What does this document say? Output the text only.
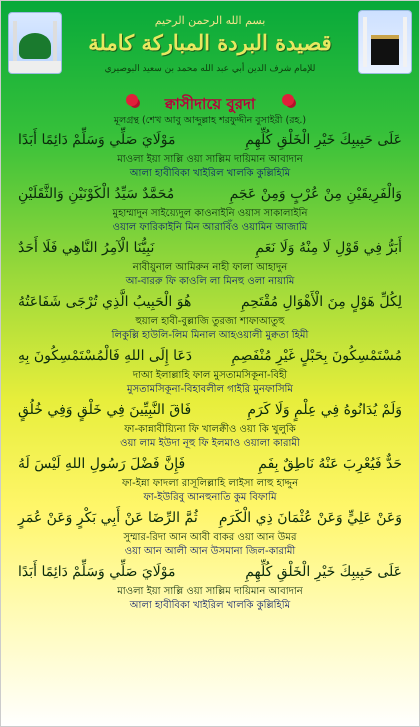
بسم الله الرحمن الرحيم
قصيدة البردة المباركة كاملة
للإمام شرف الدين أبي عبد الله محمد بن سعيد البوصيري
ক্বাসীদায়ে বুরদা
মূলগ্রন্থ (শেখ আবু আব্দুল্লাহ শরফুদ্দীন বুসাইরী (রহ.)
مَوْلَايَ صَلِّي وَسَلِّمْ دَائِمًا أَبَدًا	عَلَى حَبِيبِكَ خَيْرِ الْخَلْقِ كُلِّهِمِ
মাওলা ইয়া সাল্লি ওয়া সাল্লিম দায়িমান আবাদান
আলা হাবীবিকা খাইরিল খালকি কুল্লিহিমি
مُحَمَّدٌ سَيِّدُ الْكَوْنَيْنِ وَالثَّقَلَيْنِ	وَالْفَرِيقَيْنِ مِنْ عُرْبٍ وَمِنْ عَجَمِ
মুহাম্মাদুন সাইয়্যেদুল কাওনাইনি ওয়াস সাকালাইনি
ওয়াল ফারিকাইনি মিন আরাবিঁও ওয়ামিন আজামি
نَبِيُّنَا الْآمِرُ النَّاهِي فَلَا أَحَدٌ	أَبَرُّ فِي قَوْلِ لَا مِنْهُ وَلَا نَعَمِ
নাবীয়ুনাল আমিরুন নাহী ফালা আহাদুন
আ-বাররু ফি কাওলি লা মিনহু ওলা নায়ামি
هُوَ الْحَبِيبُ الَّذِي تُرْجَى شَفَاعَتُهُ	لِكُلِّ هَوْلٍ مِنَ الْأَهْوَالِ مُقْتَحِمِ
হুয়াল হাবী-বুল্লাজি তুরজা শাফাআতুহু
লিকুল্লি হাউলি-লিম মিনাল আহওয়ালী মুক্বতা হিমী
دَعَا إِلَى اللهِ فَالْمُسْتَمْسِكُونَ بِهِ	مُسْتَمْسِكُونَ بِحَبْلٍ غَيْرِ مُنْفَصِمِ
দাআ ইলাল্লাহি ফাল মুসতামসিকূনা-বিহী
মুসতামসিকূনা-বিহাবলীল গাইরি মুনফাসিমি
فَاقَ النَّبِيِّينَ فِي خَلْقٍ وَفِي خُلُقٍ	وَلَمْ يُدَانُوهُ فِي عِلْمٍ وَلَا كَرَمِ
ফা-কান্নাবীয়্যিনা ফি খালক্বীও ওয়া কি খুলুকি
ওয়া লাম ইউদা নূহু ফি ইলমাও ওয়ালা কারামী
فَإِنَّ فَضْلَ رَسُولِ اللهِ لَيْسَ لَهُ	حَدٌّ فَيُعْرِبَ عَنْهُ نَاطِقٌ بِفَمِ
ফা-ইন্না ফাদলা রাসূলিল্লাহি লাইসা লাহু হাদ্দুন
ফা-ইউরিবু আনহুনাতি কুম বিফামি
ثُمَّ الرِّضَا عَنْ أَبِي بَكْرٍ وَعَنْ عُمَرٍ وَعَنْ عَلِيٍّ وَعَنْ عُثْمَانَ ذِي الْكَرَمِ
সুম্মার-রিদা আন আবী বাকর ওয়া আন উমর
ওয়া আন আলী আন উসমানা জিল-কারামী
مَوْلَايَ صَلِّي وَسَلِّمْ دَائِمًا أَبَدًا	عَلَى حَبِيبِكَ خَيْرِ الْخَلْقِ كُلِّهِمِ
মাওলা ইয়া সাল্লি ওয়া সাল্লিম দায়িমান আবাদান
আলা হাবীবিকা খাইরিল খালকি কুল্লিহিমি
